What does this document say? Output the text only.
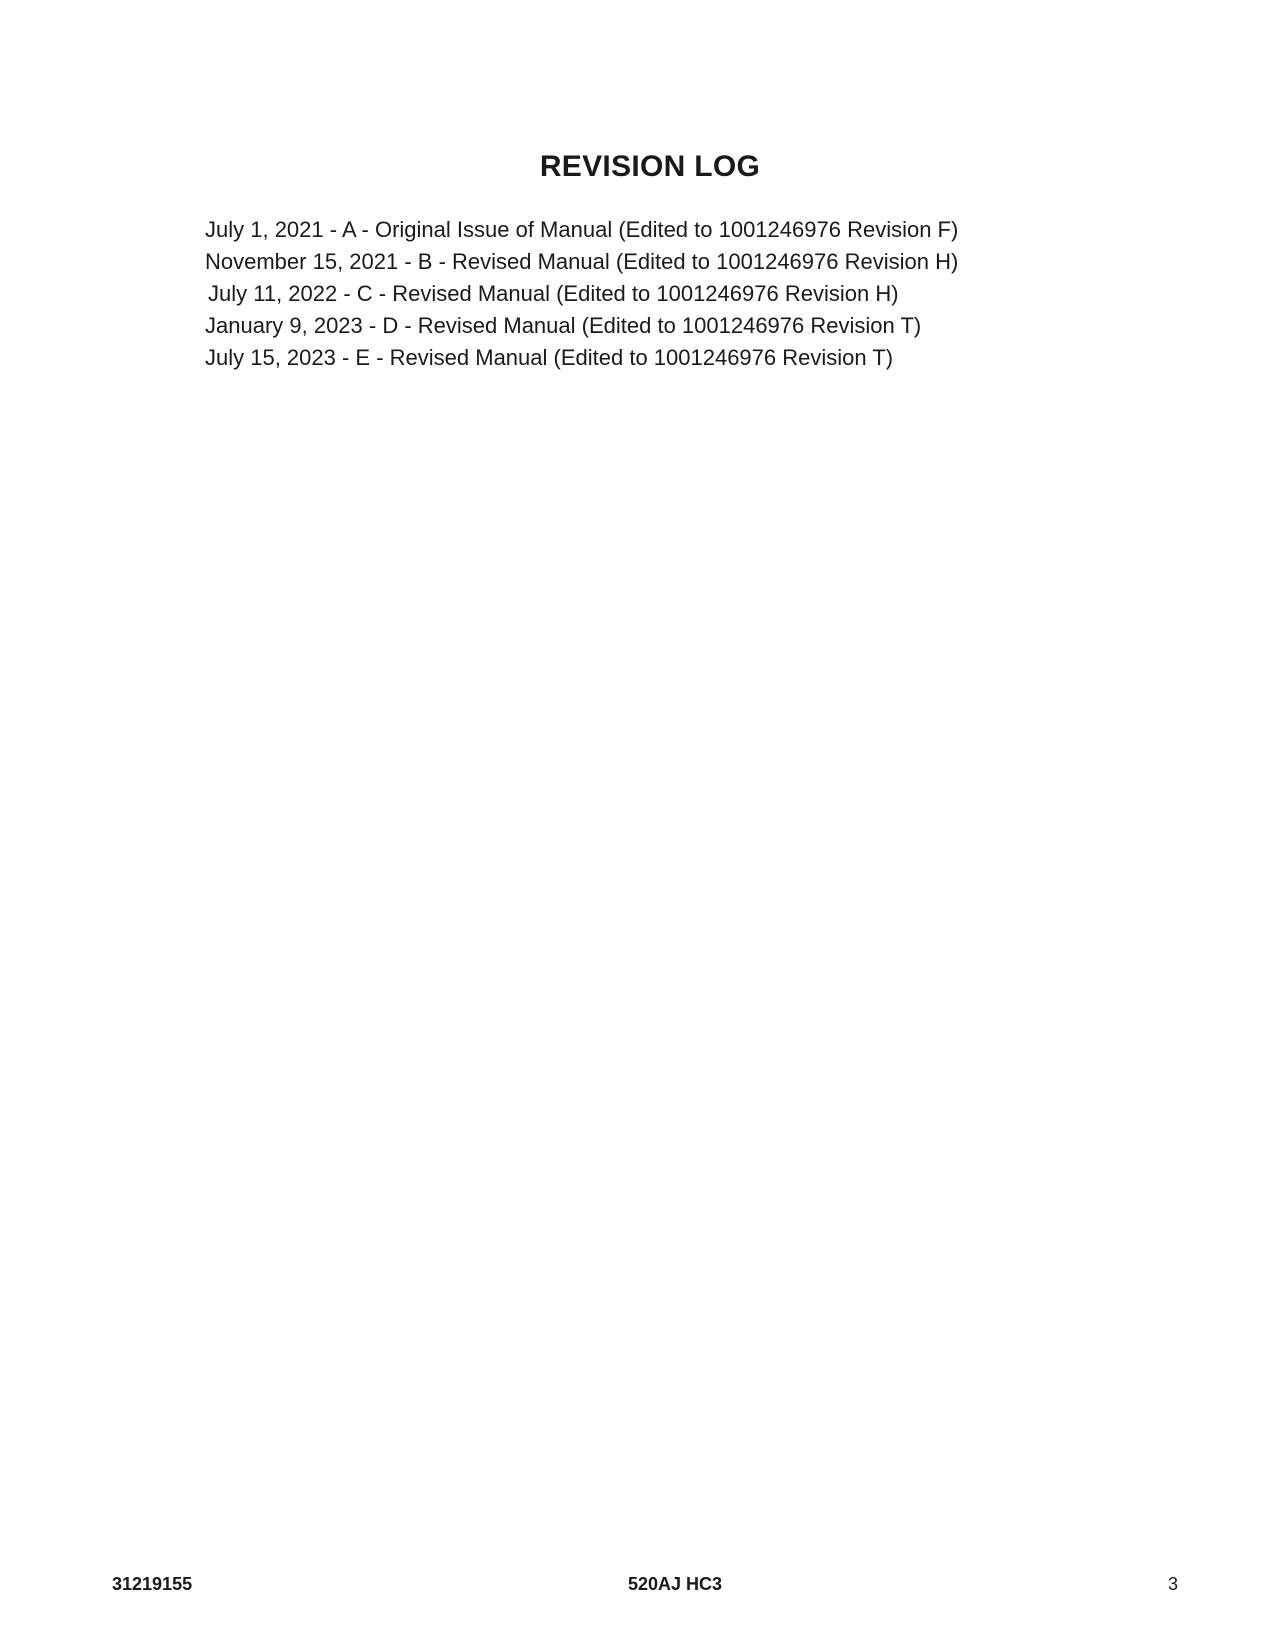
REVISION LOG
July 1, 2021 - A - Original Issue of Manual (Edited to 1001246976 Revision F)
November 15, 2021 - B - Revised Manual (Edited to 1001246976 Revision H)
July 11, 2022 - C - Revised Manual (Edited to 1001246976 Revision H)
January 9, 2023 - D - Revised Manual (Edited to 1001246976 Revision T)
July 15, 2023 - E - Revised Manual (Edited to 1001246976 Revision T)
31219155	520AJ HC3	3
